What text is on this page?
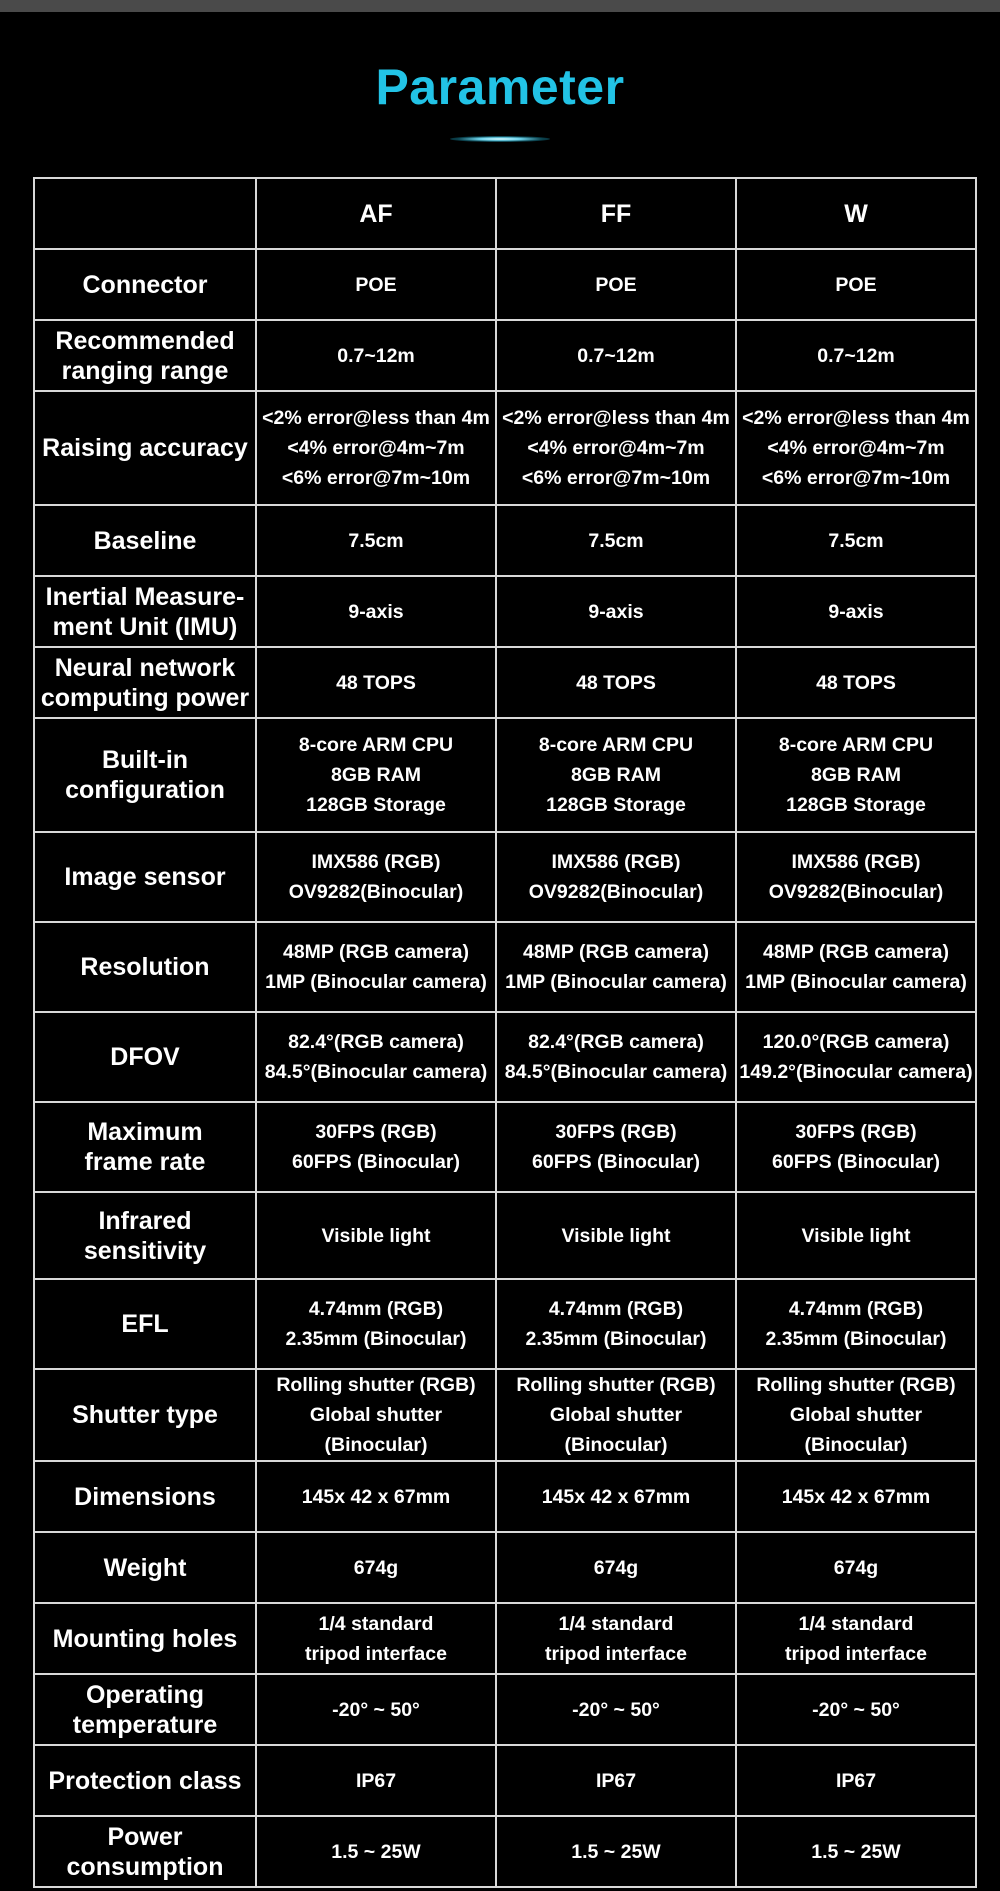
Parameter
	AF	FF	W
Connector	POE	POE	POE
Recommended
ranging range	0.7~12m	0.7~12m	0.7~12m
Raising accuracy	<2% error@less than 4m
<4% error@4m~7m
<6% error@7m~10m	<2% error@less than 4m
<4% error@4m~7m
<6% error@7m~10m	<2% error@less than 4m
<4% error@4m~7m
<6% error@7m~10m
Baseline	7.5cm	7.5cm	7.5cm
Inertial Measure-
ment Unit (IMU)	9-axis	9-axis	9-axis
Neural network
computing power	48 TOPS	48 TOPS	48 TOPS
Built-in
configuration	8-core ARM CPU
8GB RAM
128GB Storage	8-core ARM CPU
8GB RAM
128GB Storage	8-core ARM CPU
8GB RAM
128GB Storage
Image sensor	IMX586 (RGB)
OV9282(Binocular)	IMX586 (RGB)
OV9282(Binocular)	IMX586 (RGB)
OV9282(Binocular)
Resolution	48MP (RGB camera)
1MP (Binocular camera)	48MP (RGB camera)
1MP (Binocular camera)	48MP (RGB camera)
1MP (Binocular camera)
DFOV	82.4°(RGB camera)
84.5°(Binocular camera)	82.4°(RGB camera)
84.5°(Binocular camera)	120.0°(RGB camera)
149.2°(Binocular camera)
Maximum
frame rate	30FPS (RGB)
60FPS (Binocular)	30FPS (RGB)
60FPS (Binocular)	30FPS (RGB)
60FPS (Binocular)
Infrared
sensitivity	Visible light	Visible light	Visible light
EFL	4.74mm (RGB)
2.35mm (Binocular)	4.74mm (RGB)
2.35mm (Binocular)	4.74mm (RGB)
2.35mm (Binocular)
Shutter type	Rolling shutter (RGB)
Global shutter (Binocular)	Rolling shutter (RGB)
Global shutter (Binocular)	Rolling shutter (RGB)
Global shutter (Binocular)
Dimensions	145x 42 x 67mm	145x 42 x 67mm	145x 42 x 67mm
Weight	674g	674g	674g
Mounting holes	1/4 standard
tripod interface	1/4 standard
tripod interface	1/4 standard
tripod interface
Operating
temperature	-20° ~ 50°	-20° ~ 50°	-20° ~ 50°
Protection class	IP67	IP67	IP67
Power
consumption	1.5 ~ 25W	1.5 ~ 25W	1.5 ~ 25W
